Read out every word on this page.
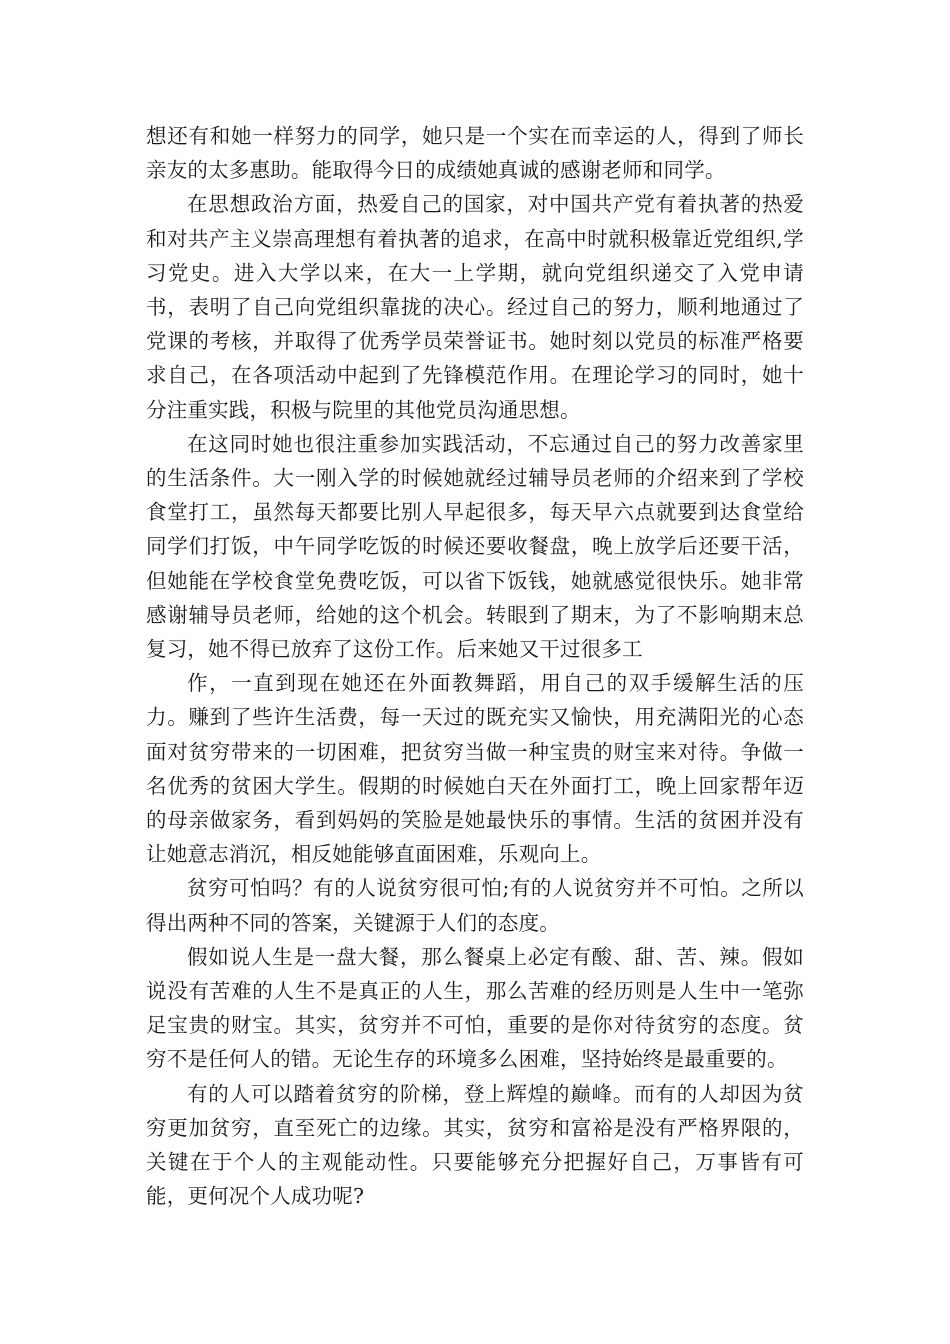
想还有和她一样努力的同学，她只是一个实在而幸运的人，得到了师长亲友的太多惠助。能取得今日的成绩她真诚的感谢老师和同学。

在思想政治方面，热爱自己的国家，对中国共产党有着执著的热爱和对共产主义崇高理想有着执著的追求，在高中时就积极靠近党组织,学习党史。进入大学以来，在大一上学期，就向党组织递交了入党申请书，表明了自己向党组织靠拢的决心。经过自己的努力，顺利地通过了党课的考核，并取得了优秀学员荣誉证书。她时刻以党员的标准严格要求自己，在各项活动中起到了先锋模范作用。在理论学习的同时，她十分注重实践，积极与院里的其他党员沟通思想。

在这同时她也很注重参加实践活动，不忘通过自己的努力改善家里的生活条件。大一刚入学的时候她就经过辅导员老师的介绍来到了学校食堂打工，虽然每天都要比别人早起很多，每天早六点就要到达食堂给同学们打饭，中午同学吃饭的时候还要收餐盘，晚上放学后还要干活，但她能在学校食堂免费吃饭，可以省下饭钱，她就感觉很快乐。她非常感谢辅导员老师，给她的这个机会。转眼到了期末，为了不影响期末总复习，她不得已放弃了这份工作。后来她又干过很多工

作，一直到现在她还在外面教舞蹈，用自己的双手缓解生活的压力。赚到了些许生活费，每一天过的既充实又愉快，用充满阳光的心态面对贫穷带来的一切困难，把贫穷当做一种宝贵的财宝来对待。争做一名优秀的贫困大学生。假期的时候她白天在外面打工，晚上回家帮年迈的母亲做家务，看到妈妈的笑脸是她最快乐的事情。生活的贫困并没有让她意志消沉，相反她能够直面困难，乐观向上。

贫穷可怕吗？有的人说贫穷很可怕;有的人说贫穷并不可怕。之所以得出两种不同的答案，关键源于人们的态度。

假如说人生是一盘大餐，那么餐桌上必定有酸、甜、苦、辣。假如说没有苦难的人生不是真正的人生，那么苦难的经历则是人生中一笔弥足宝贵的财宝。其实，贫穷并不可怕，重要的是你对待贫穷的态度。贫穷不是任何人的错。无论生存的环境多么困难，坚持始终是最重要的。

有的人可以踏着贫穷的阶梯，登上辉煌的巅峰。而有的人却因为贫穷更加贫穷，直至死亡的边缘。其实，贫穷和富裕是没有严格界限的，关键在于个人的主观能动性。只要能够充分把握好自己，万事皆有可能，更何况个人成功呢?
